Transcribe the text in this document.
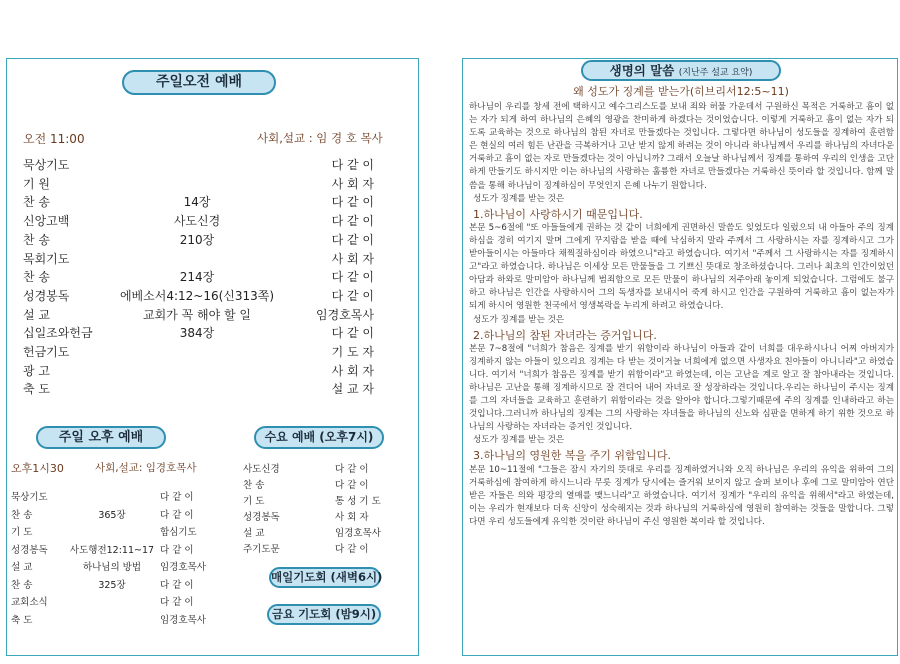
주일오전 예배
오전 11:00	사회,설교 : 임 경 호 목사
묵상기도	다 같 이
기 원	사 회 자
찬 송	14장	다 같 이
신앙고백	사도신경	다 같 이
찬 송	210장	다 같 이
목회기도	사 회 자
찬 송	214장	다 같 이
성경봉독	에베소서4:12~16(신313쪽)	다 같 이
설 교	교회가 꼭 해야 할 일	임경호목사
십일조와헌금	384장	다 같 이
헌금기도	기 도 자
광 고	사 회 자
축 도	설 교 자
주일 오후 예배	수요 예배 (오후7시)
오후1시30	사회,설교: 임경호목사
묵상기도	다 같 이
찬 송	365장	다 같 이
기 도	합심기도
성경봉독	사도행전12:11~17 다 같 이
설 교	하나님의 방법	임경호목사
찬 송	325장	다 같 이
교회소식	다 같 이
축 도	임경호목사
사도신경	다 같 이
찬 송	다 같 이
기 도	통 성 기 도
성경봉독	사 회 자
설 교	임경호목사
주기도문	다 같 이
매일기도회 (새벽6시)
금요 기도회 (밤9시)
생명의 말씀 (지난주 설교 요약)
왜 성도가 징계를 받는가(히브리서12:5~11)

하나님이 우리를 창세 전에 택하시고 예수그리스도를 보내 죄와 허물 가운데서 구원하신 목적은 거룩하고 흠이 없는 자가 되게 하여 하나님의 은혜의 영광을 찬미하게 하겠다는 것이었습니다. 이렇게 거룩하고 흠이 없는 자가 되도록 교육하는 것으로 하나님의 참된 자녀로 만들겠다는 것입니다. 그렇다면 하나님이 성도들을 징계하여 훈련함은 현실의 여러 힘든 난관을 극복하거나 고난 받지 않게 하려는 것이 아니라 하나님께서 우리를 하나님의 자녀다운 거룩하고 흠이 없는 자로 만들겠다는 것이 아닙니까? 그래서 오늘날 하나님께서 징계를 통하여 우리의 인생을 고단하게 만들기도 하시지만 이는 하나님의 사랑하는 훌륭한 자녀로 만들겠다는 거룩하신 뜻이라 할 것입니다. 함께 말씀을 통해 하나님이 징계하심이 무엇인지 은혜 나누기 원합니다.

성도가 징계를 받는 것은

1.하나님이 사랑하시기 때문입니다.

본문 5~6절에 "또 아들들에게 권하는 것 같이 너희에게 권면하신 말씀도 잊었도다 일렀으되 내 아들아 주의 징계하심을 경히 여기지 말며 그에게 꾸지람을 받을 때에 낙심하지 말라 주께서 그 사랑하시는 자를 징계하시고 그가 받아들이시는 아들마다 채찍질하심이라 하였으니"라고 하였습니다. 여기서 "주께서 그 사랑하시는 자를 징계하시고"라고 하였습니다. 하나님은 이세상 모든 만물들을 그 기쁘신 뜻대로 창조하셨습니다. 그러나 최초의 인간이었던 아담과 하와로 말미암아 하나님께 범죄함으로 모든 만물이 하나님의 저주아래 놓이게 되었습니다. 그럼에도 불구하고 하나님은 인간을 사랑하시어 그의 독생자를 보내시어 죽게 하시고 인간을 구원하여 거룩하고 흠이 없는자가 되게 하시어 영원한 천국에서 영생복락을 누리게 하려고 하였습니다.

성도가 징계를 받는 것은

2.하나님의 참된 자녀라는 증거입니다.

본문 7~8절에 "너희가 참음은 징계를 받기 위함이라 하나님이 아들과 같이 너희를 대우하시나니 어찌 아버지가 징계하지 않는 아들이 있으리요 징계는 다 받는 것이거늘 너희에게 없으면 사생자요 친아들이 아니니라"고 하였습니다. 여기서 "너희가 참음은 징계를 받기 위함이라"고 하였는데, 이는 고난을 계로 알고 잘 참아내라는 것입니다. 하나님은 고난을 통해 징계하시므로 잘 견디어 내어 자녀로 잘 성장하라는 것입니다.우리는 하나님이 주시는 징계를 그의 자녀들을 교육하고 훈련하기 위함이라는 것을 알아야 합니다.그렇기때문에 주의 징계를 인내하라고 하는 것입니다.그러니까 하나님의 징계는 그의 사랑하는 자녀들을 하나님의 신노와 심판을 면하게 하기 위한 것으로 하나님의 사랑하는 자녀라는 증거인 것입니다.

성도가 징계를 받는 것은

3.하나님의 영원한 복을 주기 위함입니다.

본문 10~11절에 "그들은 잠시 자기의 뜻대로 우리를 징계하였거니와 오직 하나님은 우리의 유익을 위하여 그의 거룩하심에 참여하게 하시느니라 무릇 징계가 당시에는 즐거워 보이지 않고 슬퍼 보이나 후에 그로 말미암아 연단 받은 자들은 의와 평강의 열매를 맺느니라"고 하였습니다. 여기서 징계가 "우리의 유익을 위해서"라고 하였는데, 이는 우리가 현재보다 더욱 신앙이 성숙해지는 것과 하나님의 거룩하심에 영원히 참여하는 것들을 말합니다. 그렇다면 우리 성도들에게 유익한 것이란 하나님이 주신 영원한 복이라 할 것입니다.
